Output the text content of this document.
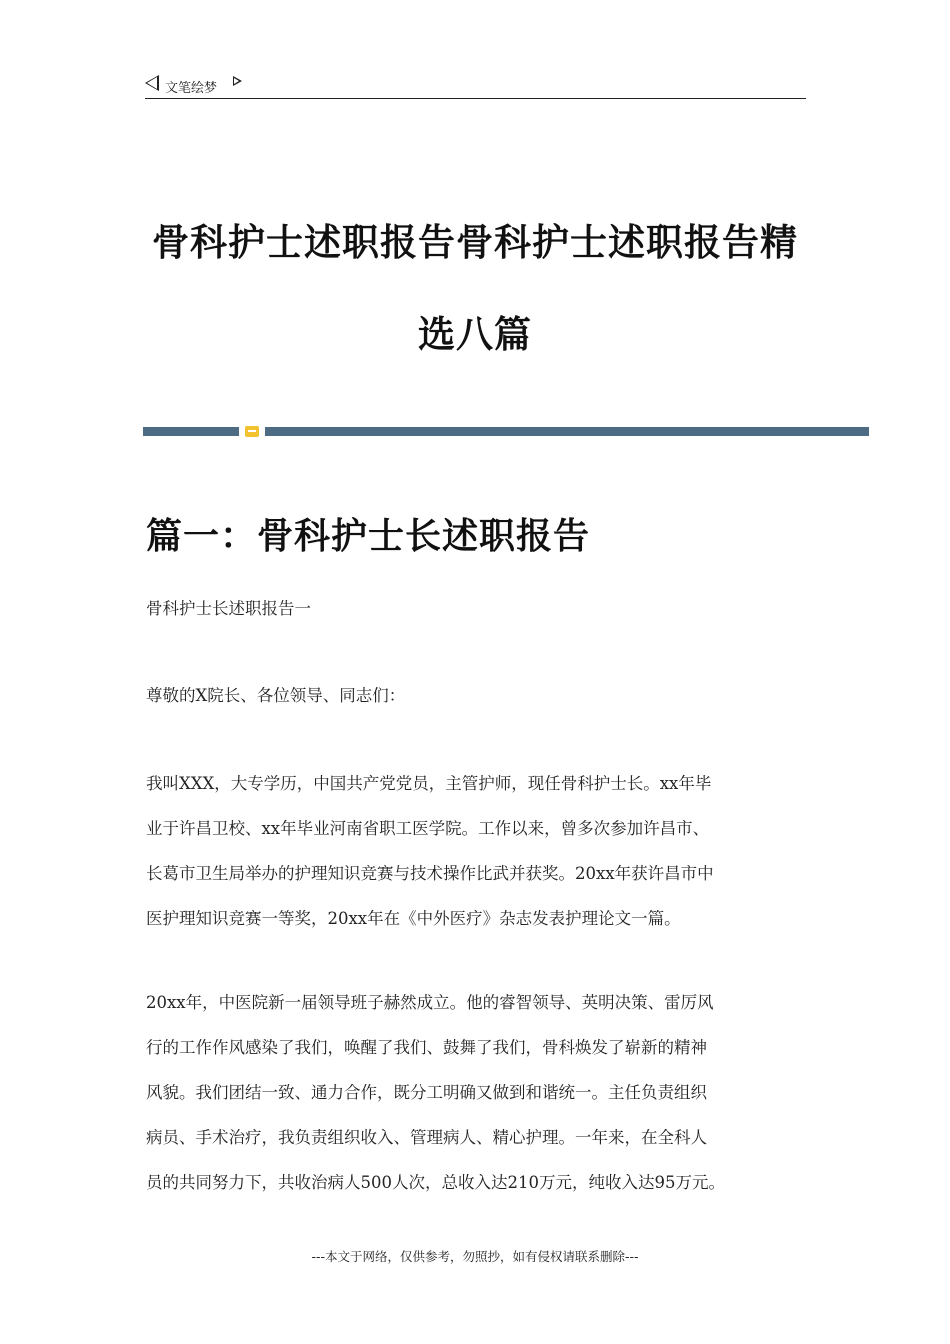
文笔绘梦
骨科护士述职报告骨科护士述职报告精
选八篇
篇一：骨科护士长述职报告

骨科护士长述职报告一

尊敬的X院长、各位领导、同志们：

我叫XXX，大专学历，中国共产党党员，主管护师，现任骨科护士长。xx年毕
业于许昌卫校、xx年毕业河南省职工医学院。工作以来，曾多次参加许昌市、
长葛市卫生局举办的护理知识竞赛与技术操作比武并获奖。20xx年获许昌市中
医护理知识竞赛一等奖，20xx年在《中外医疗》杂志发表护理论文一篇。

20xx年，中医院新一届领导班子赫然成立。他的睿智领导、英明决策、雷厉风
行的工作作风感染了我们，唤醒了我们、鼓舞了我们，骨科焕发了崭新的精神
风貌。我们团结一致、通力合作，既分工明确又做到和谐统一。主任负责组织
病员、手术治疗，我负责组织收入、管理病人、精心护理。一年来，在全科人
员的共同努力下，共收治病人500人次，总收入达210万元，纯收入达95万元。

---本文于网络，仅供参考，勿照抄，如有侵权请联系删除---
